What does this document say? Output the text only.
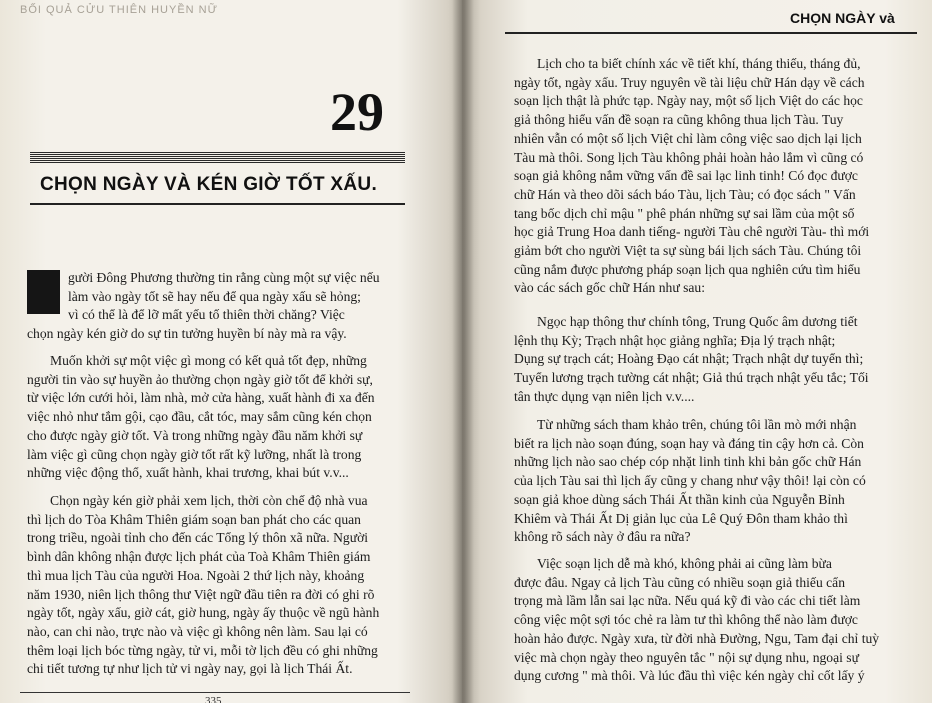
BỐI QUẢ CỬU THIÊN HUYỀN NỮ
29
CHỌN NGÀY VÀ KÉN GIỜ TỐT XẤU.
gười Đông Phương thường tin rằng cùng một sự việc nếu
làm vào ngày tốt sẽ hay nếu để qua ngày xấu sẽ hỏng;
vì có thể là để lỡ mất yếu tố thiên thời chăng? Việc
chọn ngày kén giờ do sự tin tưởng huyền bí này mà ra vậy.
Muốn khởi sự một việc gì mong có kết quả tốt đẹp, những
người tin vào sự huyền ảo thường chọn ngày giờ tốt để khởi sự,
từ việc lớn cưới hỏi, làm nhà, mở cửa hàng, xuất hành đi xa đến
việc nhỏ như tắm gội, cạo đầu, cắt tóc, may sắm cũng kén chọn
cho được ngày giờ tốt. Và trong những ngày đầu năm khởi sự
làm việc gì cũng chọn ngày giờ tốt rất kỹ lưỡng, nhất là trong
những việc động thổ, xuất hành, khai trương, khai bút v.v...
Chọn ngày kén giờ phải xem lịch, thời còn chế độ nhà vua
thì lịch do Tòa Khâm Thiên giám soạn ban phát cho các quan
trong triều, ngoài tỉnh cho đến các Tổng lý thôn xã nữa. Người
bình dân không nhận được lịch phát của Toà Khâm Thiên giám
thì mua lịch Tàu của người Hoa. Ngoài 2 thứ lịch này, khoảng
năm 1930, niên lịch thông thư Việt ngữ đầu tiên ra đời có ghi rõ
ngày tốt, ngày xấu, giờ cát, giờ hung, ngày ấy thuộc về ngũ hành
nào, can chi nào, trực nào và việc gì không nên làm. Sau lại có
thêm loại lịch bóc từng ngày, tử vi, mỗi tờ lịch đều có ghi những
chi tiết tương tự như lịch tử vi ngày nay, gọi là lịch Thái Ất.
335
CHỌN NGÀY và
Lịch cho ta biết chính xác về tiết khí, tháng thiếu, tháng đủ,
ngày tốt, ngày xấu. Truy nguyên về tài liệu chữ Hán dạy về cách
soạn lịch thật là phức tạp. Ngày nay, một số lịch Việt do các học
giả thông hiểu vấn đề soạn ra cũng không thua lịch Tàu. Tuy
nhiên vẫn có một số lịch Việt chỉ làm công việc sao dịch lại lịch
Tàu mà thôi. Song lịch Tàu không phải hoàn hảo lắm vì cũng có
soạn giả không nắm vững vấn đề sai lạc linh tinh! Có đọc được
chữ Hán và theo dõi sách báo Tàu, lịch Tàu; có đọc sách " Vấn
tang bốc dịch chỉ mậu " phê phán những sự sai lầm của một số
học giả Trung Hoa danh tiếng- người Tàu chê người Tàu- thì mới
giảm bớt cho người Việt ta sự sùng bái lịch sách Tàu. Chúng tôi
cũng nắm được phương pháp soạn lịch qua nghiên cứu tìm hiểu
vào các sách gốc chữ Hán như sau:
Ngọc hạp thông thư chính tông, Trung Quốc âm dương tiết
lệnh thụ Kỳ; Trạch nhật học giảng nghĩa; Địa lý trạch nhật;
Dụng sự trạch cát; Hoàng Đạo cát nhật; Trạch nhật dự tuyển thì;
Tuyển lương trạch tường cát nhật; Giả thú trạch nhật yếu tắc; Tối
tân thực dụng vạn niên lịch v.v....
Từ những sách tham khảo trên, chúng tôi lần mò mới nhận
biết ra lịch nào soạn đúng, soạn hay và đáng tin cậy hơn cả. Còn
những lịch nào sao chép cóp nhặt linh tinh khi bản gốc chữ Hán
của lịch Tàu sai thì lịch ấy cũng y chang như vậy thôi! lại còn có
soạn giả khoe dùng sách Thái Ất thần kinh của Nguyễn Bỉnh
Khiêm và Thái Ất Dị giản lục của Lê Quý Đôn tham khảo thì
không rõ sách này ở đâu ra nữa?
Việc soạn lịch dễ mà khó, không phải ai cũng làm bừa
được đâu. Ngay cả lịch Tàu cũng có nhiều soạn giả thiếu cẩn
trọng mà lầm lẫn sai lạc nữa. Nếu quá kỹ đi vào các chi tiết làm
công việc một sợi tóc chẻ ra làm tư thì không thể nào làm được
hoàn hảo được. Ngày xưa, từ đời nhà Đường, Ngu, Tam đại chỉ tuỳ
việc mà chọn ngày theo nguyên tắc " nội sự dụng nhu, ngoại sự
dụng cương " mà thôi. Và lúc đầu thì việc kén ngày chỉ cốt lấy ý
